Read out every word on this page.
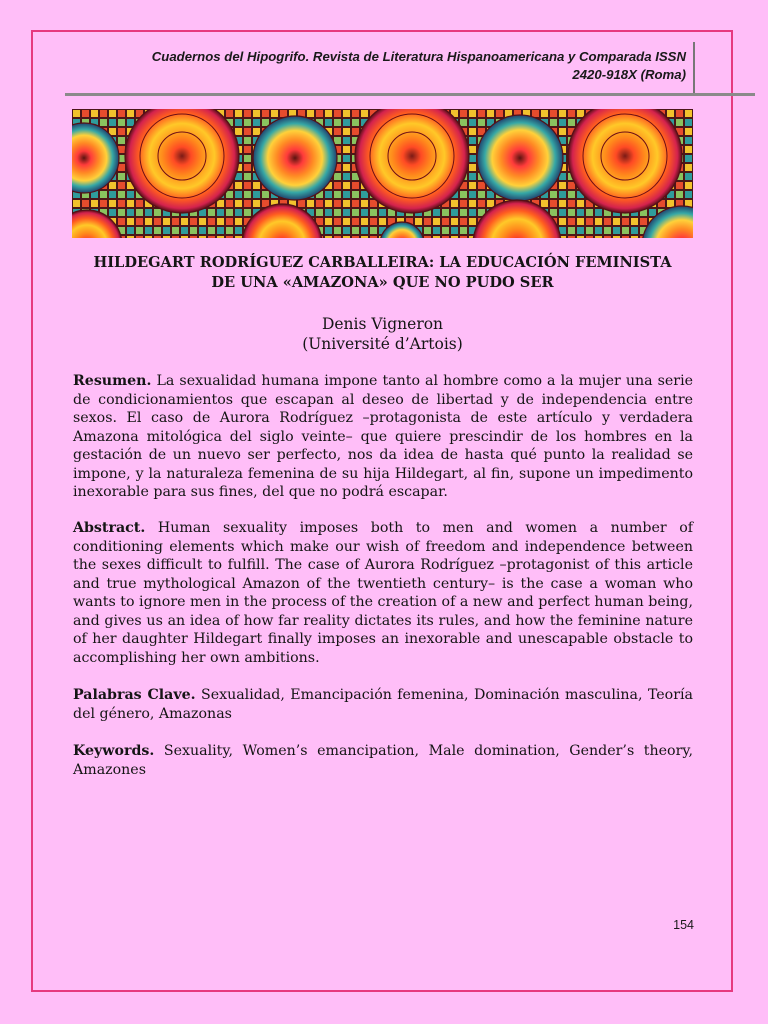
Cuadernos del Hipogrifo. Revista de Literatura Hispanoamericana y Comparada ISSN
2420-918X (Roma)
HILDEGART RODRÍGUEZ CARBALLEIRA: LA EDUCACIÓN FEMINISTA
DE UNA «AMAZONA» QUE NO PUDO SER
Denis Vigneron
(Université d’Artois)

Resumen. La sexualidad humana impone tanto al hombre como a la mujer una serie de condicionamientos que escapan al deseo de libertad y de independencia entre sexos. El caso de Aurora Rodríguez –protagonista de este artículo y verdadera Amazona mitológica del siglo veinte– que quiere prescindir de los hombres en la gestación de un nuevo ser perfecto, nos da idea de hasta qué punto la realidad se impone, y la naturaleza femenina de su hija Hildegart, al fin, supone un impedimento inexorable para sus fines, del que no podrá escapar.

Abstract. Human sexuality imposes both to men and women a number of conditioning elements which make our wish of freedom and independence between the sexes difficult to fulfill. The case of Aurora Rodríguez –protagonist of this article and true mythological Amazon of the twentieth century– is the case a woman who wants to ignore men in the process of the creation of a new and perfect human being, and gives us an idea of how far reality dictates its rules, and how the feminine nature of her daughter Hildegart finally imposes an inexorable and unescapable obstacle to accomplishing her own ambitions.

Palabras Clave. Sexualidad, Emancipación femenina, Dominación masculina, Teoría del género, Amazonas

Keywords. Sexuality, Women’s emancipation, Male domination, Gender’s theory, Amazones

154
